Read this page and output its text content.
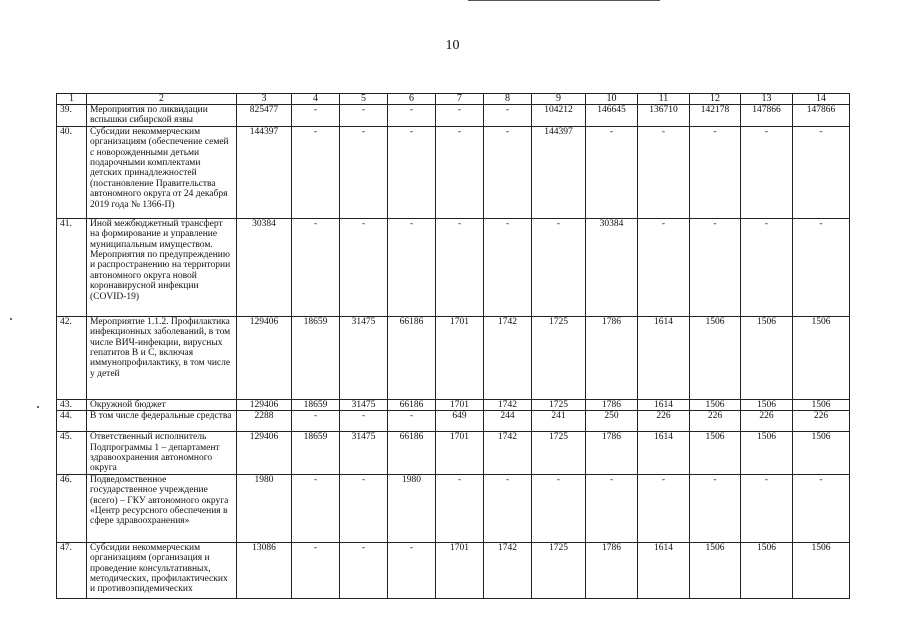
10
1	2	3	4	5	6	7	8	9	10	11	12	13	14
39.	Мероприятия по ликвидации вспышки сибирской язвы	825477	-	-	-	-	-	104212	146645	136710	142178	147866	147866
40.	Субсидии некоммерческим организациям (обеспечение семей с новорожденными детьми подарочными комплектами детских принадлежностей (постановление Правительства автономного округа от 24 декабря 2019 года № 1366-П)	144397	-	-	-	-	-	144397	-	-	-	-	-
41.	Иной межбюджетный трансферт на формирование и управление муниципальным имуществом. Мероприятия по предупреждению и распространению на территории автономного округа новой коронавирусной инфекции (COVID-19)	30384	-	-	-	-	-	-	30384	-	-	-	-
42.	Мероприятие 1.1.2. Профилактика инфекционных заболеваний, в том числе ВИЧ-инфекции, вирусных гепатитов В и С, включая иммунопрофилактику, в том числе у детей	129406	18659	31475	66186	1701	1742	1725	1786	1614	1506	1506	1506
43.	Окружной бюджет	129406	18659	31475	66186	1701	1742	1725	1786	1614	1506	1506	1506
44.	В том числе федеральные средства	2288	-	-	-	649	244	241	250	226	226	226	226
45.	Ответственный исполнитель Подпрограммы 1 – департамент здравоохранения автономного округа	129406	18659	31475	66186	1701	1742	1725	1786	1614	1506	1506	1506
46.	Подведомственное государственное учреждение (всего) – ГКУ автономного округа «Центр ресурсного обеспечения в сфере здравоохранения»	1980	-	-	1980	-	-	-	-	-	-	-	-
47.	Субсидии некоммерческим организациям (организация и проведение консультативных, методических, профилактических и противоэпидемических	13086	-	-	-	1701	1742	1725	1786	1614	1506	1506	1506
